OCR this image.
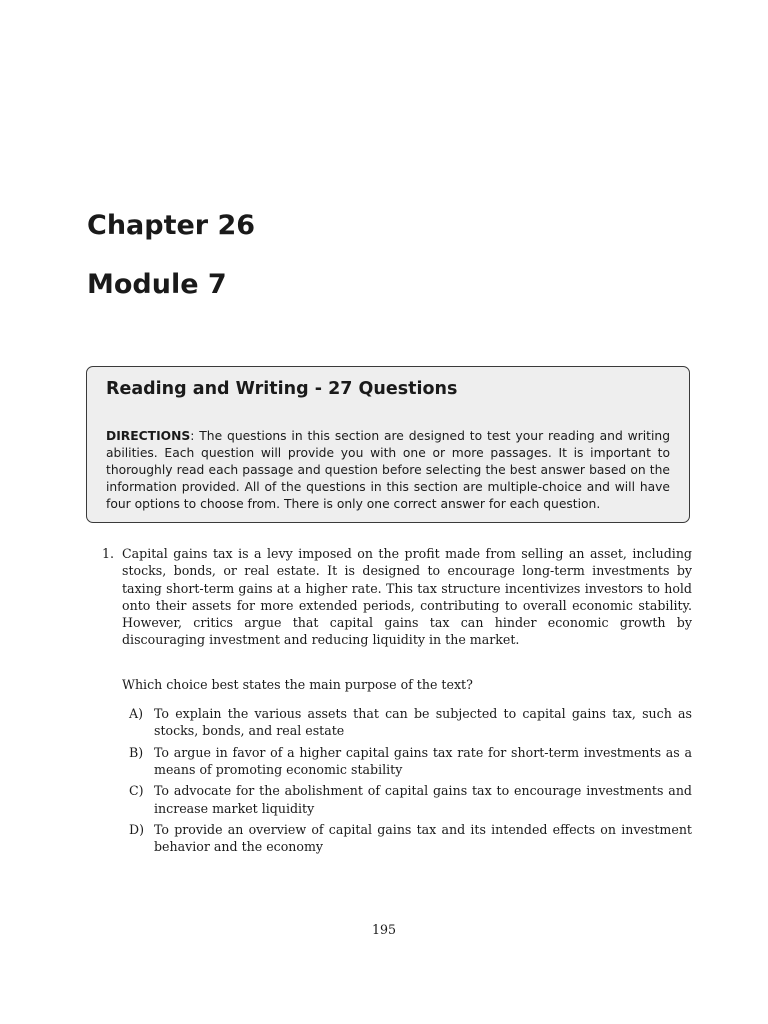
Chapter 26
Module 7
Reading and Writing - 27 Questions

DIRECTIONS: The questions in this section are designed to test your reading and writing abilities. Each question will provide you with one or more passages. It is important to thoroughly read each passage and question before selecting the best answer based on the information provided. All of the questions in this section are multiple-choice and will have four options to choose from. There is only one correct answer for each question.

1. Capital gains tax is a levy imposed on the profit made from selling an asset, including stocks, bonds, or real estate. It is designed to encourage long-term investments by taxing short-term gains at a higher rate. This tax structure incentivizes investors to hold onto their assets for more extended periods, contributing to overall economic stability. However, critics argue that capital gains tax can hinder economic growth by discouraging investment and reducing liquidity in the market.

Which choice best states the main purpose of the text?

A) To explain the various assets that can be subjected to capital gains tax, such as stocks, bonds, and real estate
B) To argue in favor of a higher capital gains tax rate for short-term investments as a means of promoting economic stability
C) To advocate for the abolishment of capital gains tax to encourage investments and increase market liquidity
D) To provide an overview of capital gains tax and its intended effects on investment behavior and the economy
195
